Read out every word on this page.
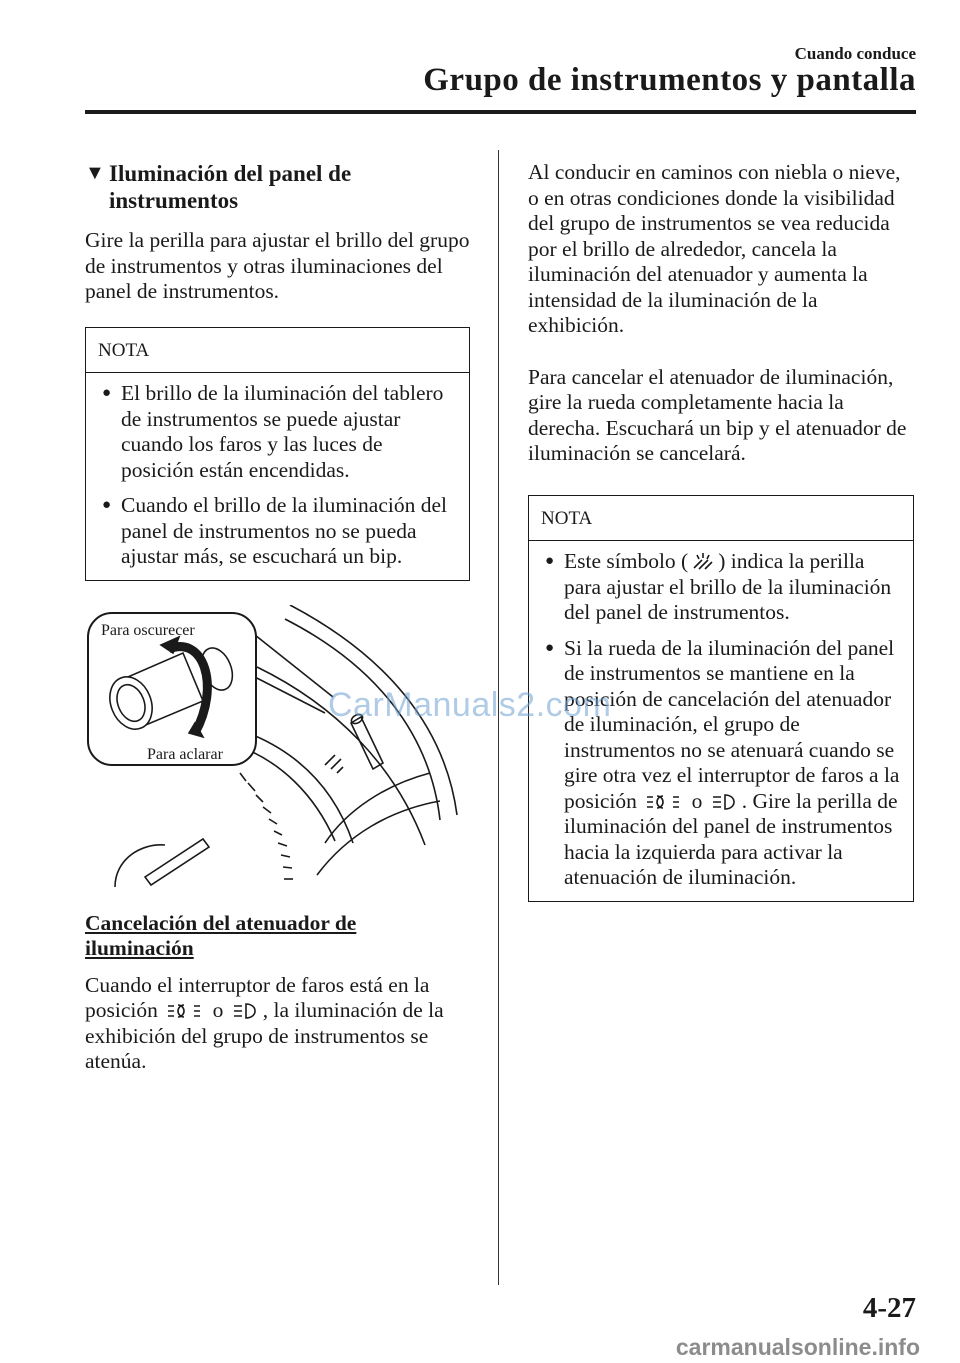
Cuando conduce
Grupo de instrumentos y pantalla
▼ Iluminación del panel de
instrumentos

Gire la perilla para ajustar el brillo del grupo de instrumentos y otras iluminaciones del panel de instrumentos.

NOTA
● El brillo de la iluminación del tablero de instrumentos se puede ajustar cuando los faros y las luces de posición están encendidas.
● Cuando el brillo de la iluminación del panel de instrumentos no se pueda ajustar más, se escuchará un bip.
Para oscurecer
Para aclarar
Cancelación del atenuador de
iluminación

Cuando el interruptor de faros está en la posición	o , la iluminación de la exhibición del grupo de instrumentos se atenúa.

Al conducir en caminos con niebla o nieve, o en otras condiciones donde la visibilidad del grupo de instrumentos se vea reducida por el brillo de alrededor, cancela la iluminación del atenuador y aumenta la intensidad de la iluminación de la exhibición.

Para cancelar el atenuador de iluminación, gire la rueda completamente hacia la derecha. Escuchará un bip y el atenuador de iluminación se cancelará.

NOTA
● Este símbolo ( ) indica la perilla para ajustar el brillo de la iluminación del panel de instrumentos.
● Si la rueda de la iluminación del panel de instrumentos se mantiene en la posición de cancelación del atenuador de iluminación, el grupo de instrumentos no se atenuará cuando se gire otra vez el interruptor de faros a la posición	o . Gire la perilla de iluminación del panel de instrumentos hacia la izquierda para activar la atenuación de iluminación.
CarManuals2.com
4-27
carmanualsonline.info
